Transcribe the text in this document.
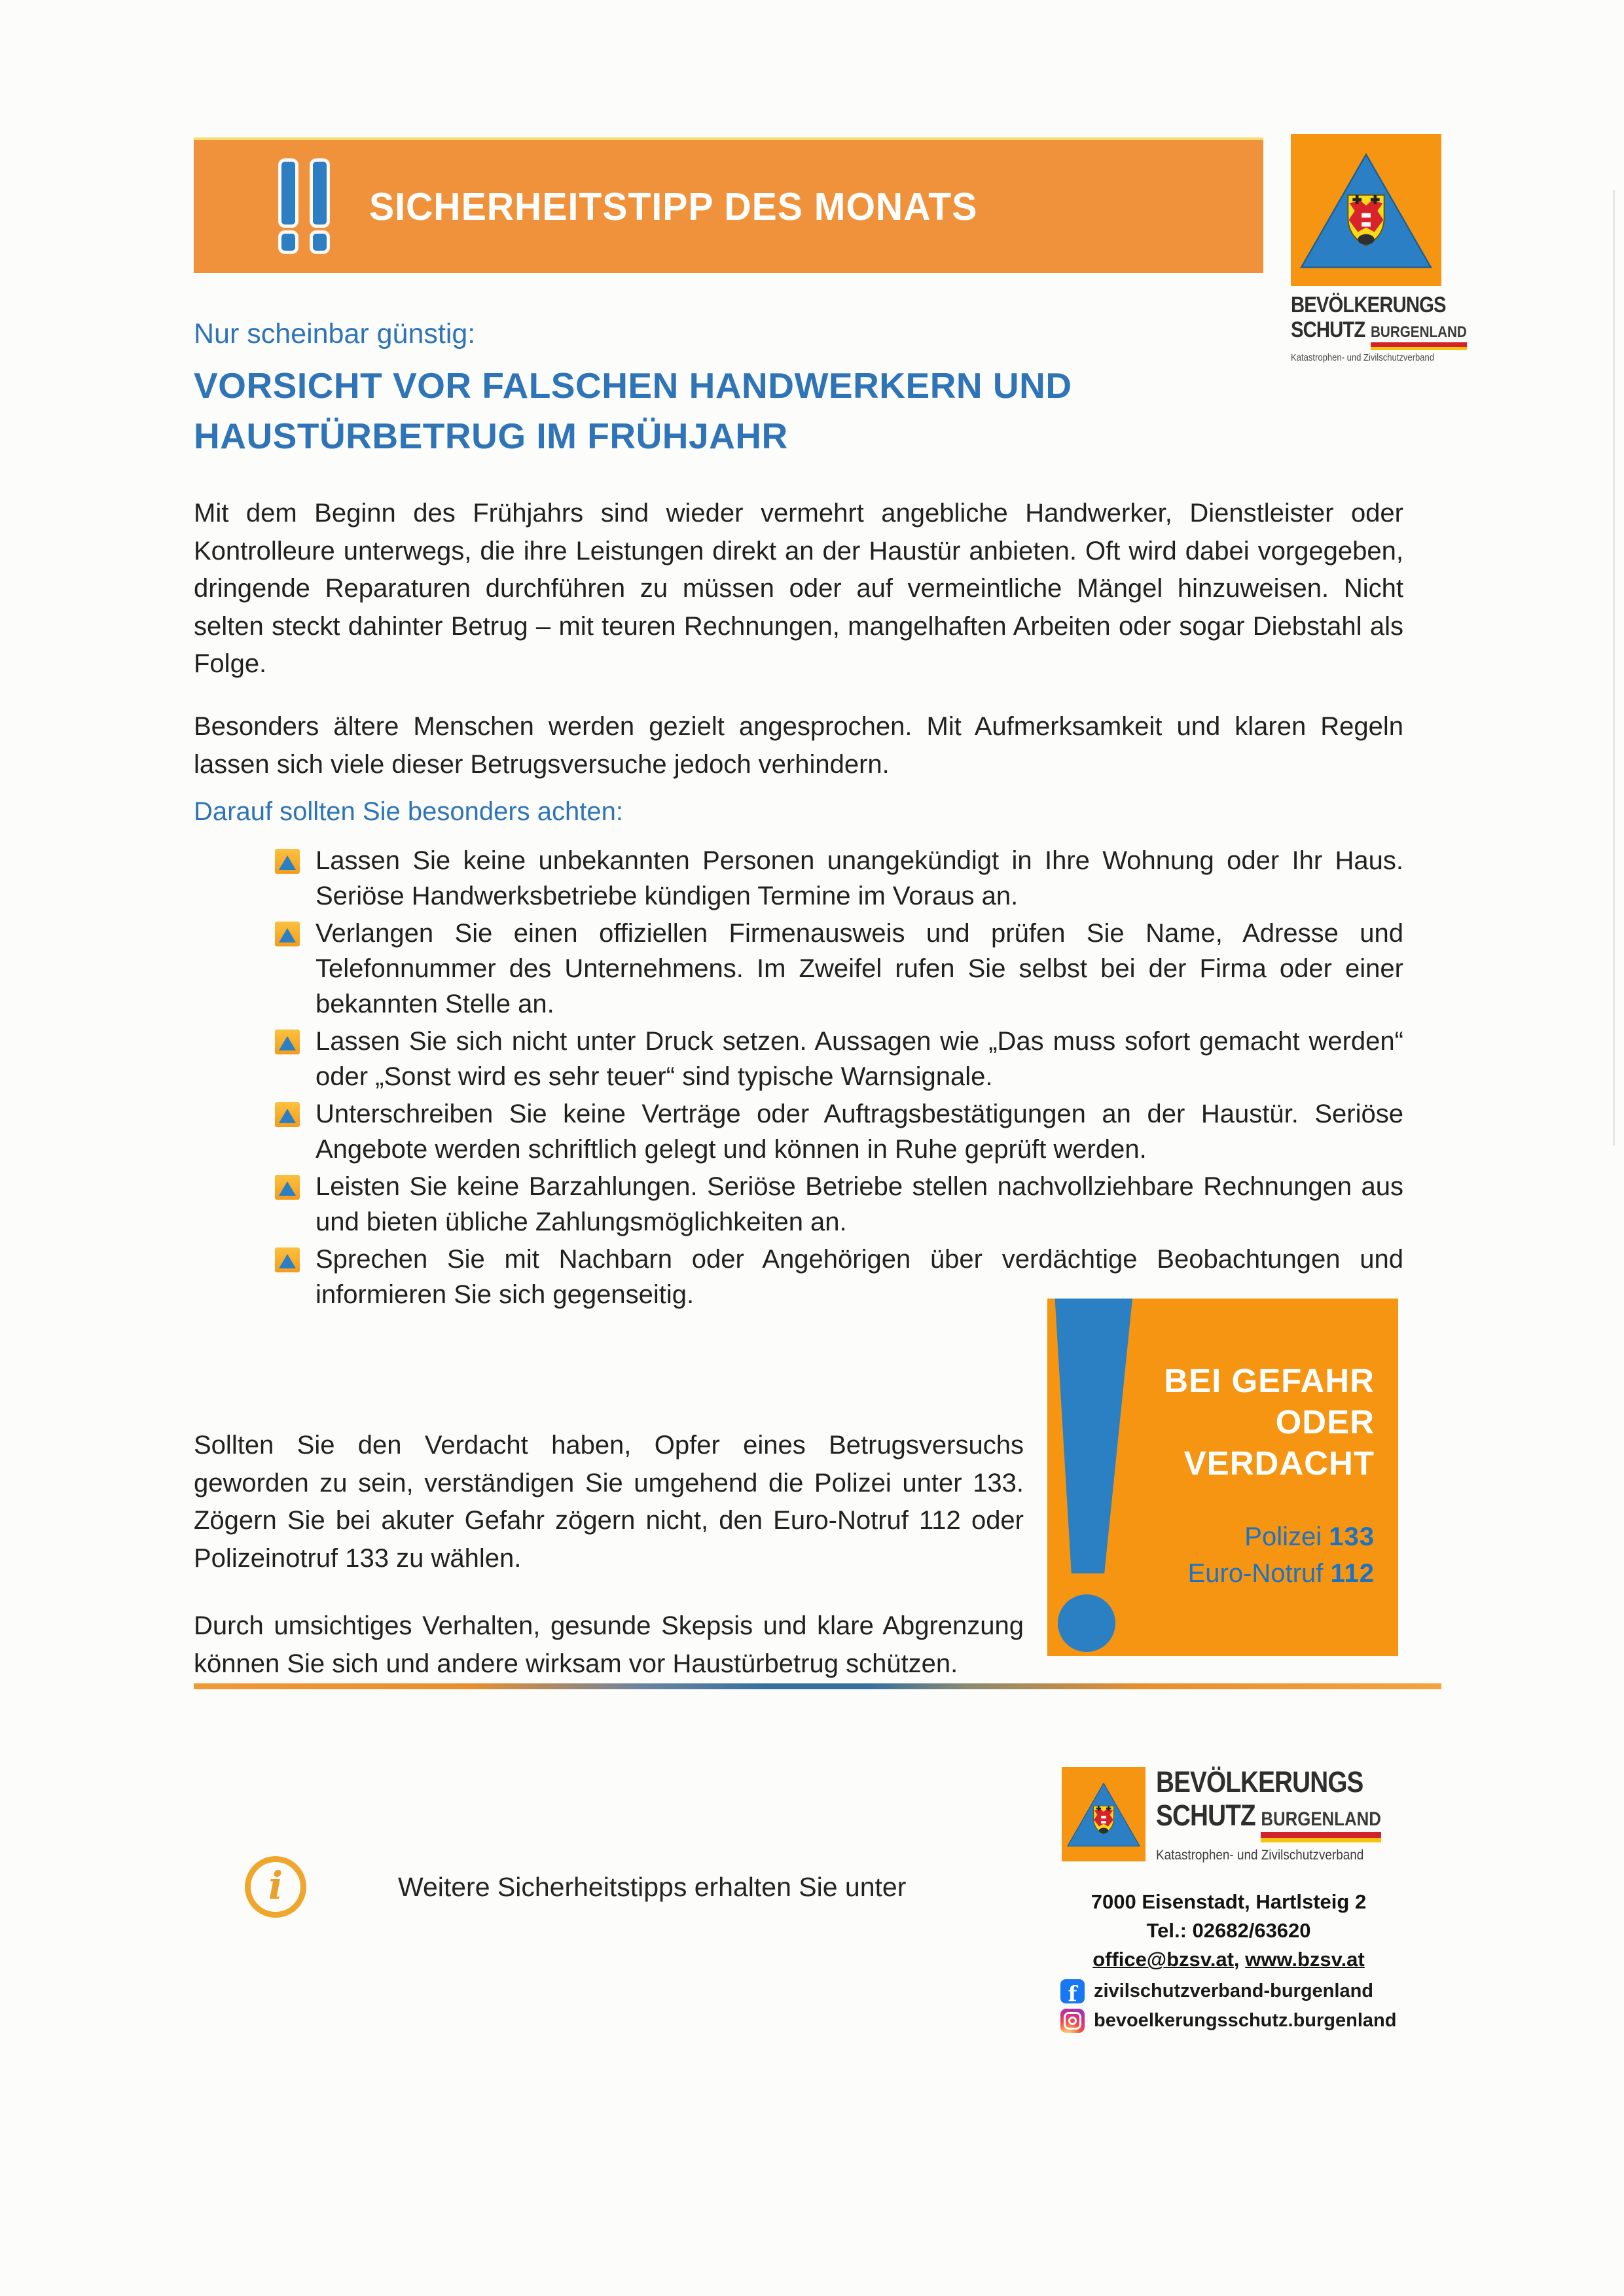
SICHERHEITSTIPP DES MONATS
BEVÖLKERUNGS
SCHUTZ BURGENLAND
Katastrophen- und Zivilschutzverband
Nur scheinbar günstig:
VORSICHT VOR FALSCHEN HANDWERKERN UND
HAUSTÜRBETRUG IM FRÜHJAHR

Mit dem Beginn des Frühjahrs sind wieder vermehrt angebliche Handwerker, Dienstleister oder Kontrolleure unterwegs, die ihre Leistungen direkt an der Haustür anbieten. Oft wird dabei vorgegeben, dringende Reparaturen durchführen zu müssen oder auf vermeintliche Mängel hinzuweisen. Nicht selten steckt dahinter Betrug – mit teuren Rechnungen, mangelhaften Arbeiten oder sogar Diebstahl als Folge.

Besonders ältere Menschen werden gezielt angesprochen. Mit Aufmerksamkeit und klaren Regeln lassen sich viele dieser Betrugsversuche jedoch verhindern.

Darauf sollten Sie besonders achten:
Lassen Sie keine unbekannten Personen unangekündigt in Ihre Wohnung oder Ihr Haus. Seriöse Handwerksbetriebe kündigen Termine im Voraus an.
Verlangen Sie einen offiziellen Firmenausweis und prüfen Sie Name, Adresse und Telefonnummer des Unternehmens. Im Zweifel rufen Sie selbst bei der Firma oder einer bekannten Stelle an.
Lassen Sie sich nicht unter Druck setzen. Aussagen wie „Das muss sofort gemacht werden“ oder „Sonst wird es sehr teuer“ sind typische Warnsignale.
Unterschreiben Sie keine Verträge oder Auftragsbestätigungen an der Haustür. Seriöse Angebote werden schriftlich gelegt und können in Ruhe geprüft werden.
Leisten Sie keine Barzahlungen. Seriöse Betriebe stellen nachvollziehbare Rechnungen aus und bieten übliche Zahlungsmöglichkeiten an.
Sprechen Sie mit Nachbarn oder Angehörigen über verdächtige Beobachtungen und informieren Sie sich gegenseitig.

Sollten Sie den Verdacht haben, Opfer eines Betrugsversuchs geworden zu sein, verständigen Sie umgehend die Polizei unter 133. Zögern Sie bei akuter Gefahr zögern nicht, den Euro-Notruf 112 oder Polizeinotruf 133 zu wählen.

Durch umsichtiges Verhalten, gesunde Skepsis und klare Abgrenzung können Sie sich und andere wirksam vor Haustürbetrug schützen.

BEI GEFAHR
ODER
VERDACHT
Polizei 133
Euro-Notruf 112
i
Weitere Sicherheitstipps erhalten Sie unter
BEVÖLKERUNGS
SCHUTZ BURGENLAND
Katastrophen- und Zivilschutzverband
7000 Eisenstadt, Hartlsteig 2
Tel.: 02682/63620
office@bzsv.at, www.bzsv.at
f
zivilschutzverband-burgenland
bevoelkerungsschutz.burgenland
